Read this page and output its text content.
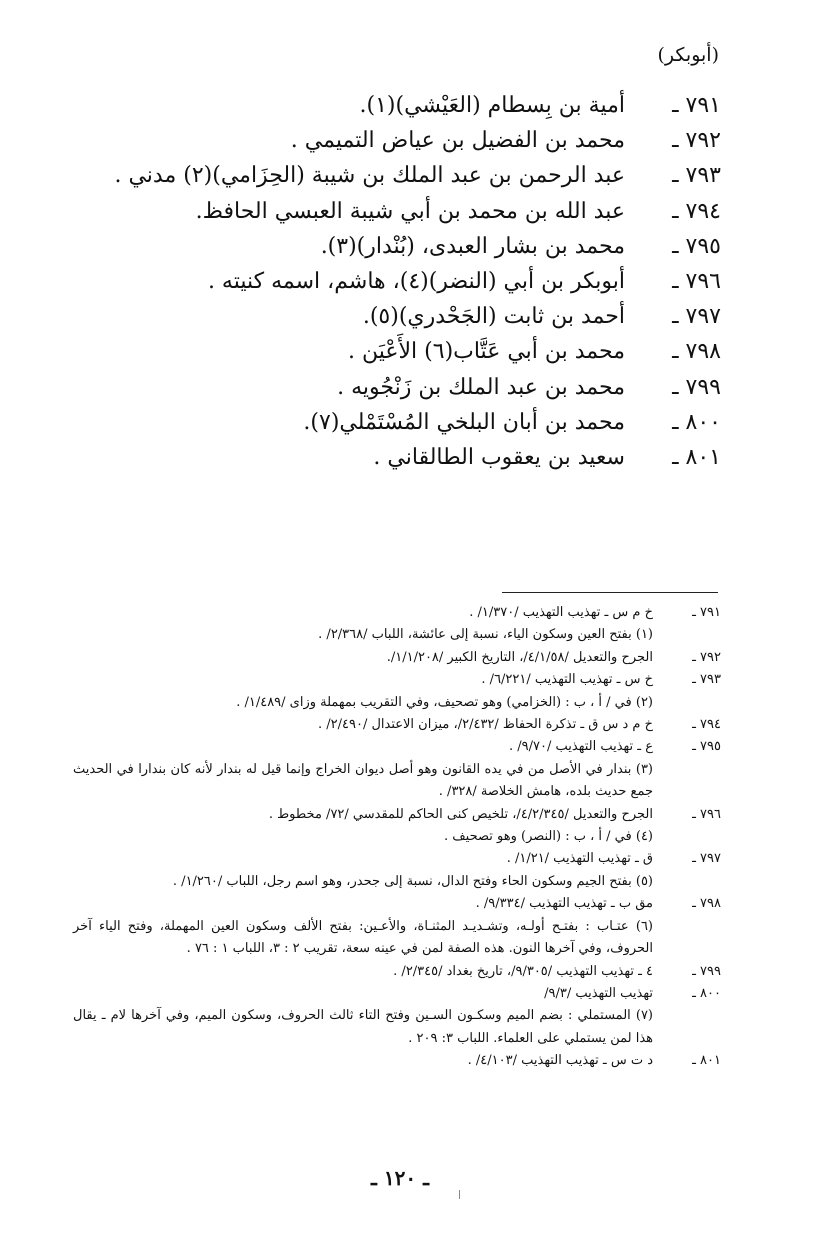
(أبوبكر)
٧٩١ ـ
أمية بن بِسطام (العَيْشي)(١).
٧٩٢ ـ
محمد بن الفضيل بن عياض التميمي .
٧٩٣ ـ
عبد الرحمن بن عبد الملك بن شيبة (الحِزَامي)(٢) مدني .
٧٩٤ ـ
عبد الله بن محمد بن أبي شيبة العبسي الحافظ.
٧٩٥ ـ
محمد بن بشار العبدى، (بُنْدار)(٣).
٧٩٦ ـ
أبوبكر بن أبي (النضر)(٤)، هاشم، اسمه كنيته .
٧٩٧ ـ
أحمد بن ثابت (الجَحْدري)(٥).
٧٩٨ ـ
محمد بن أبي عَتَّاب(٦) الأَعْيَن .
٧٩٩ ـ
محمد بن عبد الملك بن زَنْجُويه .
٨٠٠ ـ
محمد بن أبان البلخي المُسْتَمْلي(٧).
٨٠١ ـ
سعيد بن يعقوب الطالقاني .
٧٩١ ـ
خ م س ـ تهذيب التهذيب /١/٣٧٠/ .
(١) بفتح العين وسكون الياء، نسبة إلى عائشة، اللباب /٢/٣٦٨/ .
٧٩٢ ـ
الجرح والتعديل /٤/١/٥٨/، التاريخ الكبير /١/١/٢٠٨/.
٧٩٣ ـ
خ س ـ تهذيب التهذيب /٦/٢٢١/ .
(٢) في / أ ، ب : (الخزامي) وهو تصحيف، وفي التقريب بمهملة وزاى /١/٤٨٩/ .
٧٩٤ ـ
خ م د س ق ـ تذكرة الحفاظ /٢/٤٣٢/، ميزان الاعتدال /٢/٤٩٠/ .
٧٩٥ ـ
ع ـ تهذيب التهذيب /٩/٧٠/ .
(٣) بندار في الأصل من في يده القانون وهو أصل ديوان الخراج وإنما قيل له بندار لأنه كان بندارا في الحديث جمع حديث بلده، هامش الخلاصة /٣٢٨/ .
٧٩٦ ـ
الجرح والتعديل /٤/٢/٣٤٥/، تلخيص كنى الحاكم للمقدسي /٧٢/ مخطوط .
(٤) في / أ ، ب : (النصر) وهو تصحيف .
٧٩٧ ـ
ق ـ تهذيب التهذيب /١/٢١/ .
(٥) بفتح الجيم وسكون الحاء وفتح الدال، نسبة إلى جحدر، وهو اسم رجل، اللباب /١/٢٦٠/ .
٧٩٨ ـ
مق ب ـ تهذيب التهذيب /٩/٣٣٤/ .
(٦) عتـاب : بفتـح أولـه، وتشـديـد المثنـاة، والأعـين: بفتح الألف وسكون العين المهملة، وفتح الياء آخر الحروف، وفي آخرها النون. هذه الصفة لمن في عينه سعة، تقريب ٢ : ٣، اللباب ١ : ٧٦ .
٧٩٩ ـ
٤ ـ تهذيب التهذيب /٩/٣٠٥/، تاريخ بغداد /٢/٣٤٥/ .
٨٠٠ ـ
تهذيب التهذيب /٩/٣/
(٧) المستملي : بضم الميم وسكـون السـين وفتح التاء ثالث الحروف، وسكون الميم، وفي آخرها لام ـ يقال هذا لمن يستملي على العلماء. اللباب ٣: ٢٠٩ .
٨٠١ ـ
د ت س ـ تهذيب التهذيب /٤/١٠٣/ .
ـ ١٢٠ ـ
